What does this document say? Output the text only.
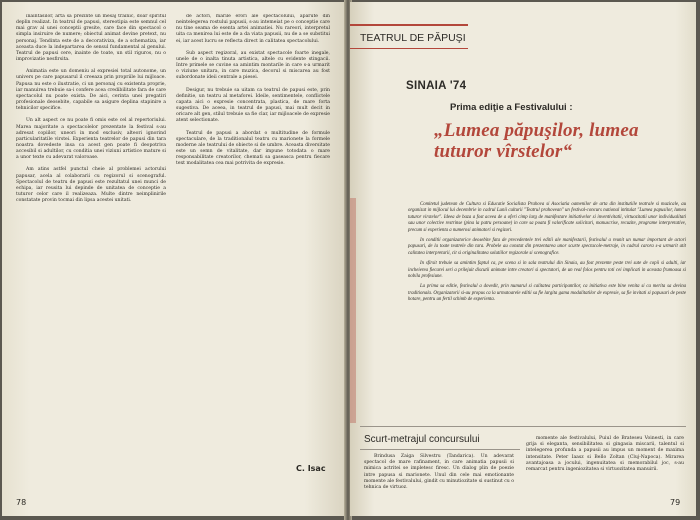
inaintasilor, arta sa prezinte un mesaj trainic, doar spiritul deplin realizat. In teatrul de papusi, stereotipia este semnul cel mai grav al unei conceptii gresite, care face din spectacol o simpla insiruire de numere; obiectul animat devine pretext, nu personaj. Tendinta este de a decorativiza, de a schematiza, iar aceasta duce la indepartarea de sensul fundamental al genului. Teatrul de papusi cere, inainte de toate, un stil riguros, nu o improvizatie nesfirsita.

Animatia este un domeniu al expresiei total autonome, un univers pe care papusarul il creeaza prin propriile lui mijloace. Papusa nu este o ilustratie, ci un personaj cu existenta proprie, iar manuirea trebuie sa-i confere acea credibilitate fara de care spectacolul nu poate exista. De aici, cerinta unei pregatiri profesionale deosebite, capabile sa asigure deplina stapinire a tehnicilor specifice.

Un alt aspect ce nu poate fi omis este cel al repertoriului. Marea majoritate a spectacolelor prezentate la festival s-au adresat copiilor, uneori in mod exclusiv, alteori ignorind particularitatile virstei. Experienta teatrelor de papusi din tara noastra dovedeste insa ca acest gen poate fi deopotriva accesibil si adultilor, cu conditia unei viziuni artistice mature si a unor texte cu adevarat valoroase.

Am atins astfel punctul cheie al problemei actorului papusar, acela al colaborarii cu regizorul si scenograful. Spectacolul de teatru de papusi este rezultatul unei munci de echipa, iar reusita lui depinde de unitatea de conceptie a tuturor celor care il realizeaza. Multe dintre neimplinirile constatate provin tocmai din lipsa acestei unitati.

de actori, marile erori ale spectacolului, aparute din neintelegerea rostului papusii, s-au intemeiat pe o conceptie care nu tine seama de esenta artei animatiei. Nu rareori, interpretul uita ca menirea lui este de a da viata papusii, nu de a se substitui ei, iar acest lucru se reflecta direct in calitatea spectacolului.

Sub aspect regizoral, au existat spectacole foarte inegale, unele de o inalta tinuta artistica, altele cu evidente stingacii. Intre primele se cuvine sa amintim montarile in care s-a urmarit o viziune unitara, in care muzica, decorul si miscarea au fost subordonate ideii centrale a piesei.

Desigur, nu trebuie sa uitam ca teatrul de papusi este, prin definitie, un teatru al metaforei. Ideile, sentimentele, conflictele capata aici o expresie concentrata, plastica, de mare forta sugestiva. De aceea, in teatrul de papusi, mai mult decit in oricare alt gen, stilul trebuie sa fie clar, iar mijloacele de expresie atent selectionate.

Teatrul de papusi a abordat o multitudine de formule spectaculare, de la traditionalul teatru cu marionete la formele moderne ale teatrului de obiecte si de umbre. Aceasta diversitate este un semn de vitalitate, dar impune totodata o mare responsabilitate creatorilor, chemati sa gaseasca pentru fiecare text modalitatea cea mai potrivita de expresie.

C. Isac
78
TEATRUL DE PĂPUŞI
SINAIA '74
Prima ediţie a Festivalului :
„Lumea păpuşilor, lumea tuturor vîrstelor“

Comitetul judetean de Cultura si Educatie Socialista Prahova si Asociatia oamenilor de arta din institutiile teatrale si muzicale, au organizat in mijlocul lui decembrie in cadrul Lunii culturii "Teatrul prahovean" un festival-concurs national intitulat "Lumea papusilor, lumea tuturor virstelor". Ideea de baza a fost aceea de a oferi cimp larg de manifestare initiativelor si inventivitatii, virtuozitatii unor individualitati sau unor colective restrinse (pina la patru persoane) in care sa poata fi valorificate solicitari, manuscrise, recuzite, programe interpretative, precum si experienta a numerosi animatori si regizori.

In conditii organizatorice deosebite fata de precedentele trei editii ale manifestarii, festivalul a reunit un numar important de actori papusari, de la toate teatrele din tara. Probele au constat din prezentarea unor scurte spectacole-metraje, in cadrul carora s-a urmarit atit calitatea interpretarii, cit si originalitatea solutiilor regizorale si scenografice.

In sfirsit trebuie sa amintim faptul ca, pe scena si in sala teatrului din Sinaia, au fost prezente peste trei sute de copii si adulti, iar incheierea fiecarei seri a prilejuit discutii animate intre creatori si spectatori, de un real folos pentru toti cei implicati in aceasta frumoasa si nobila profesiune.

La prima sa editie, festivalul a dovedit, prin numarul si calitatea participantilor, ca initiativa este bine venita si ca merita sa devina traditionala. Organizatorii si-au propus ca la urmatoarele editii sa fie largita gama modalitatilor de expresie, sa fie invitati si papusari de peste hotare, pentru un fertil schimb de experienta.

Scurt-metrajul concursului

Brindusa Zaiga Silvestru (Tandarica). Un adevarat spectacol de mare rafinament, in care animatia papusii si mimica actritei se impletesc firesc. Un dialog plin de poezie intre papusa si marionete. Unul din cele mai emotionante momente ale festivalului, gindit cu minutiozitate si sustinut cu o tehnica de virtuoz.

momente ale festivalului, Puiul de Brateseu Voinesti, in care grija si eleganta, sensibilitatea si gingasia miscarii, talentul si intelegerea profunda a papusii au impus un moment de maxima intensitate. Peter Iaasz si Bello Zoltan (Cluj-Napoca). Mirarea avantajoasa a jocului, ingenuitatea si memorabilul joc, s-au remarcat pentru ingeniozitatea si virtuozitatea manuirii.

79
